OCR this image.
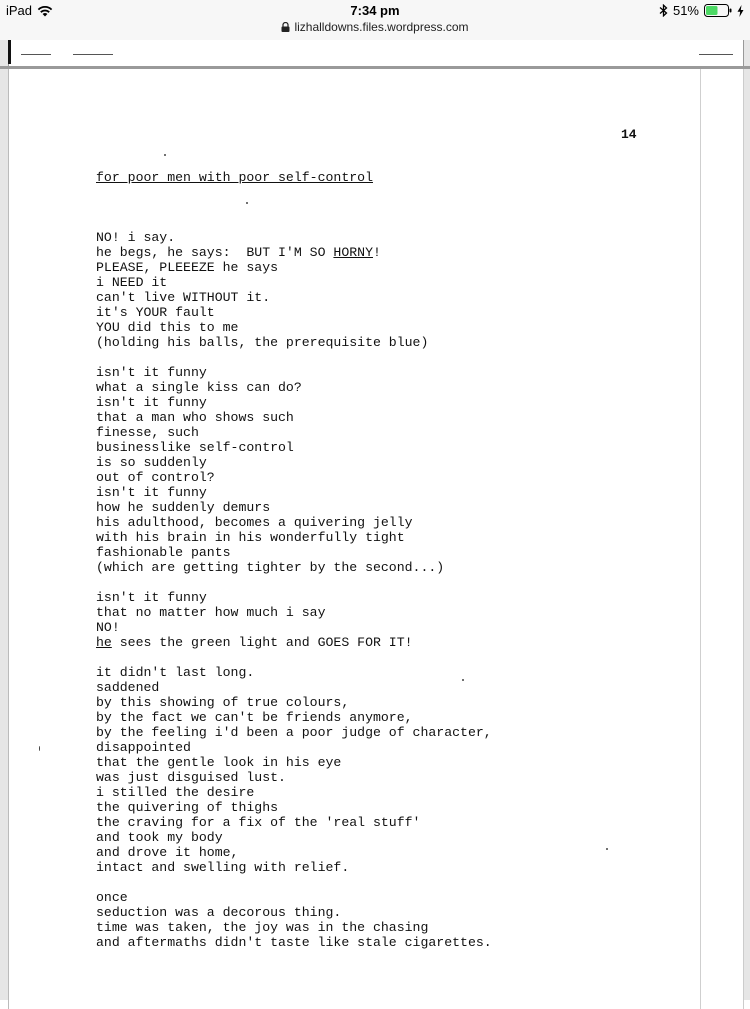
iPad	7:34 pm
lizhalldowns.files.wordpress.com
51%
14

for poor men with poor self-control

NO! i say.
he begs, he says:  BUT I'M SO HORNY!
PLEASE, PLEEEZE he says
i NEED it
can't live WITHOUT it.
it's YOUR fault
YOU did this to me
(holding his balls, the prerequisite blue)
isn't it funny
what a single kiss can do?
isn't it funny
that a man who shows such
finesse, such
businesslike self-control
is so suddenly
out of control?
isn't it funny
how he suddenly demurs
his adulthood, becomes a quivering jelly
with his brain in his wonderfully tight
fashionable pants
(which are getting tighter by the second...)
isn't it funny
that no matter how much i say
NO!
he sees the green light and GOES FOR IT!
it didn't last long.
saddened
by this showing of true colours,
by the fact we can't be friends anymore,
by the feeling i'd been a poor judge of character,
disappointed
that the gentle look in his eye
was just disguised lust.
i stilled the desire
the quivering of thighs
the craving for a fix of the 'real stuff'
and took my body
and drove it home,
intact and swelling with relief.
once
seduction was a decorous thing.
time was taken, the joy was in the chasing
and aftermaths didn't taste like stale cigarettes.
